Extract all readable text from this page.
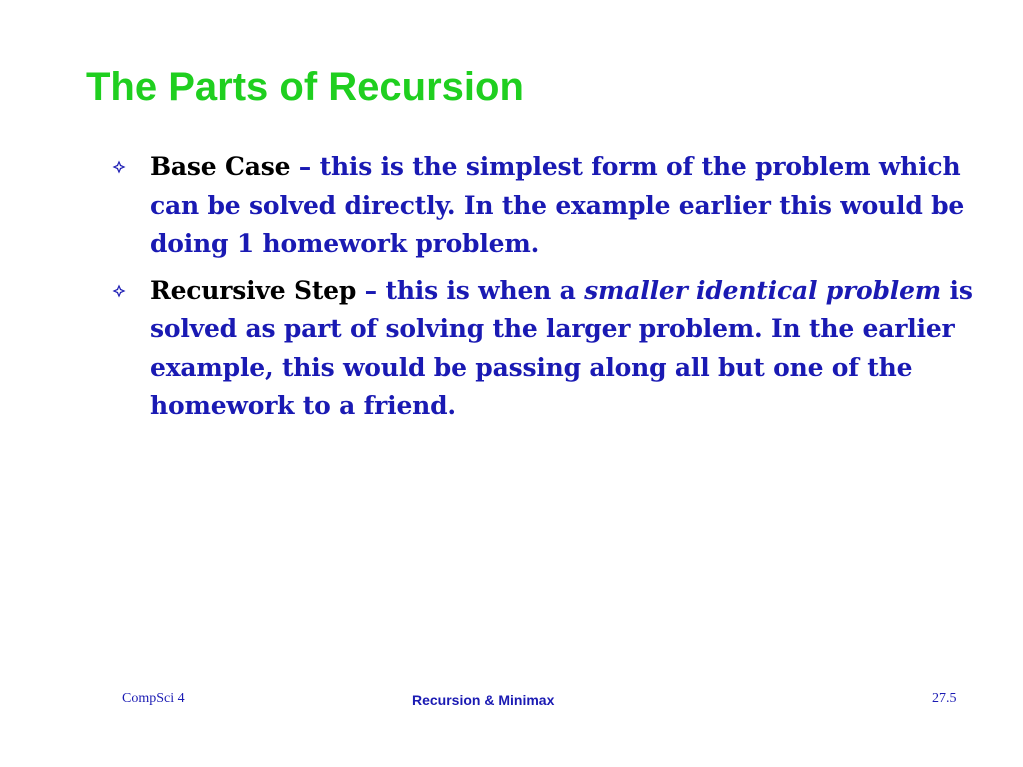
The Parts of Recursion
Base Case – this is the simplest form of the problem which can be solved directly. In the example earlier this would be doing 1 homework problem.
Recursive Step – this is when a smaller identical problem is solved as part of solving the larger problem. In the earlier example, this would be passing along all but one of the homework to a friend.
CompSci 4	Recursion & Minimax	27.5
